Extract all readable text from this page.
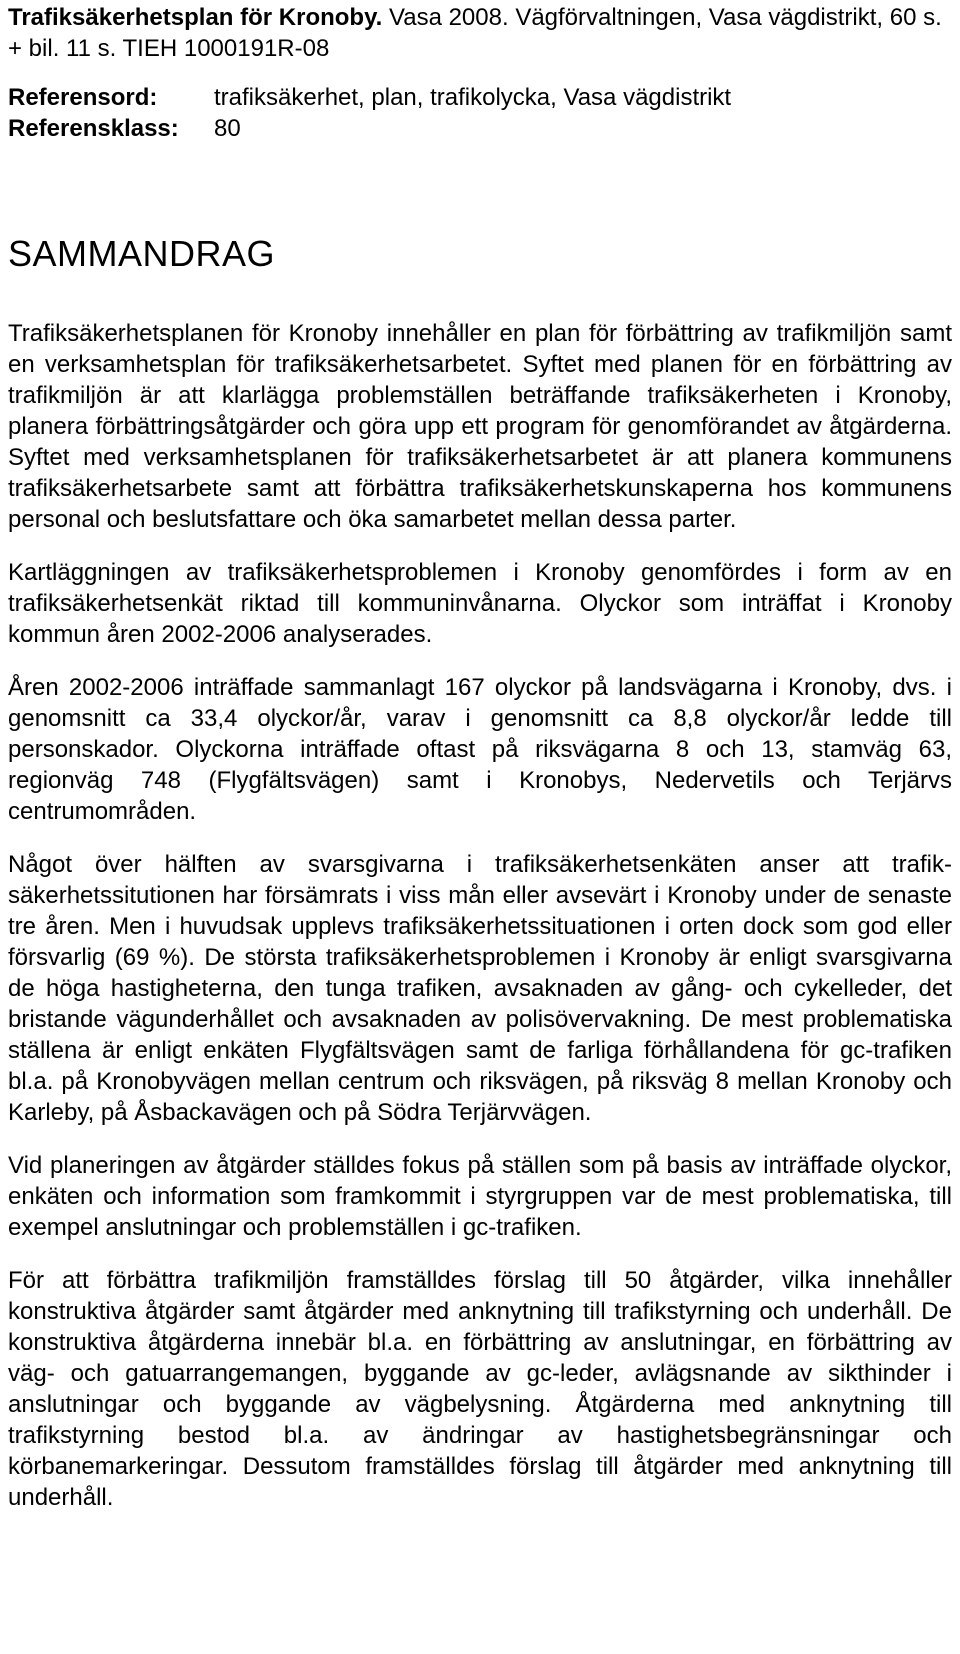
Trafiksäkerhetsplan för Kronoby. Vasa 2008. Vägförvaltningen, Vasa vägdistrikt, 60 s. + bil. 11 s. TIEH 1000191R-08
Referensord:	trafiksäkerhet, plan, trafikolycka, Vasa vägdistrikt
Referensklass:	80
SAMMANDRAG

Trafiksäkerhetsplanen för Kronoby innehåller en plan för förbättring av trafikmiljön samt en verksamhetsplan för trafiksäkerhetsarbetet. Syftet med planen för en förbättring av trafikmiljön är att klarlägga problemställen beträffande trafiksäkerheten i Kronoby, planera förbättringsåtgärder och göra upp ett program för genomförandet av åtgärderna. Syftet med verksamhetsplanen för trafiksäkerhetsarbetet är att planera kommunens trafiksäkerhetsarbete samt att förbättra trafiksäkerhetskunskaperna hos kommunens personal och beslutsfattare och öka samarbetet mellan dessa parter.

Kartläggningen av trafiksäkerhetsproblemen i Kronoby genomfördes i form av en trafiksäkerhetsenkät riktad till kommuninvånarna. Olyckor som inträffat i Kronoby kommun åren 2002-2006 analyserades.

Åren 2002-2006 inträffade sammanlagt 167 olyckor på landsvägarna i Kronoby, dvs. i genomsnitt ca 33,4 olyckor/år, varav i genomsnitt ca 8,8 olyckor/år ledde till personskador. Olyckorna inträffade oftast på riksvägarna 8 och 13, stamväg 63, regionväg 748 (Flygfältsvägen) samt i Kronobys, Nedervetils och Terjärvs centrumområden.

Något över hälften av svarsgivarna i trafiksäkerhetsenkäten anser att trafiksäkerhetssitutionen har försämrats i viss mån eller avsevärt i Kronoby under de senaste tre åren. Men i huvudsak upplevs trafiksäkerhetssituationen i orten dock som god eller försvarlig (69 %). De största trafiksäkerhetsproblemen i Kronoby är enligt svarsgivarna de höga hastigheterna, den tunga trafiken, avsaknaden av gång- och cykelleder, det bristande vägunderhållet och avsaknaden av polisövervakning. De mest problematiska ställena är enligt enkäten Flygfältsvägen samt de farliga förhållandena för gc-trafiken bl.a. på Kronobyvägen mellan centrum och riksvägen, på riksväg 8 mellan Kronoby och Karleby, på Åsbackavägen och på Södra Terjärvvägen.

Vid planeringen av åtgärder ställdes fokus på ställen som på basis av inträffade olyckor, enkäten och information som framkommit i styrgruppen var de mest problematiska, till exempel anslutningar och problemställen i gc-trafiken.

För att förbättra trafikmiljön framställdes förslag till 50 åtgärder, vilka innehåller konstruktiva åtgärder samt åtgärder med anknytning till trafikstyrning och underhåll. De konstruktiva åtgärderna innebär bl.a. en förbättring av anslutningar, en förbättring av väg- och gatuarrangemangen, byggande av gc-leder, avlägsnande av sikthinder i anslutningar och byggande av vägbelysning. Åtgärderna med anknytning till trafikstyrning bestod bl.a. av ändringar av hastighetsbegränsningar och körbanemarkeringar. Dessutom framställdes förslag till åtgärder med anknytning till underhåll.
